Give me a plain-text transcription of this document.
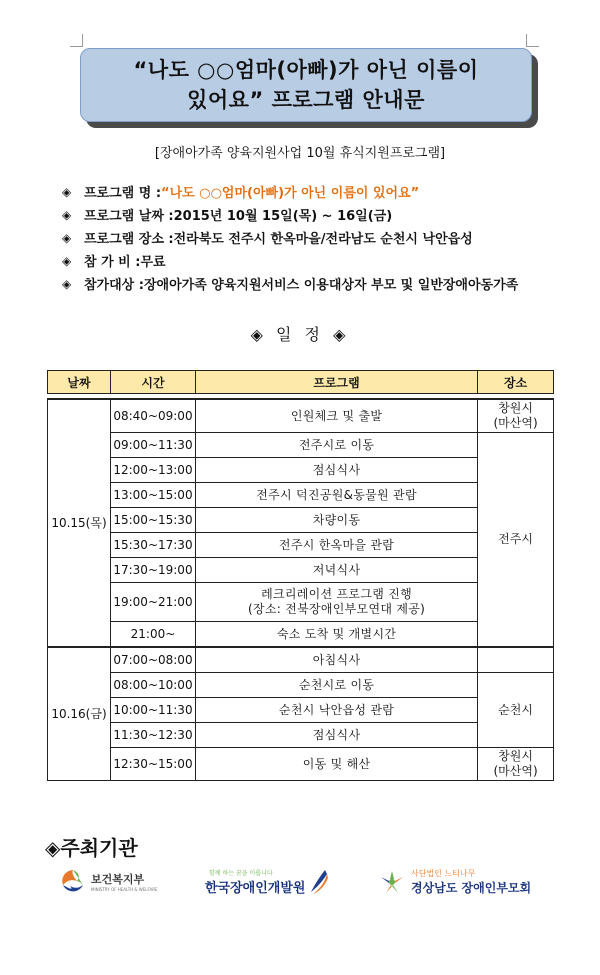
“나도 ○○엄마(아빠)가 아닌 이름이
있어요” 프로그램 안내문
[장애아가족 양육지원사업 10월 휴식지원프로그램]
◈ 프로그램 명 : “나도 ○○엄마(아빠)가 아닌 이름이 있어요”
◈ 프로그램 날짜 : 2015년 10월 15일(목) ~ 16일(금)
◈ 프로그램 장소 : 전라북도 전주시 한옥마을/전라남도 순천시 낙안읍성
◈ 참 가 비 : 무료
◈ 참가대상 : 장애아가족 양육지원서비스 이용대상자 부모 및 일반장애아동가족
◈ 일 정 ◈
날짜	시간	프로그램	장소

10.15(목)	08:40~09:00	인원체크 및 출발	창원시
(마산역)

	09:00~11:30	전주시로 이동	전주시
	12:00~13:00	점심식사	
	13:00~15:00	전주시 덕진공원&동물원 관람	
	15:00~15:30	차량이동	
	15:30~17:30	전주시 한옥마을 관람	
	17:30~19:00	저녁식사	
	19:00~21:00	레크리레이션 프로그램 진행
(장소: 전북장애인부모연대 제공)	

	21:00~	숙소 도착 및 개별시간	
10.16(금)	07:00~08:00	아침식사	
	08:00~10:00	순천시로 이동	순천시
	10:00~11:30	순천시 낙안읍성 관람	
	11:30~12:30	점심식사	
	12:30~15:00	이동 및 해산	창원시
(마산역)
◈주최기관
보건복지부
MINISTRY OF HEALTH & WELFARE
함께 하는 꿈을 이룹니다
한국장애인개발원
사단법인 느티나무
경상남도 장애인부모회
